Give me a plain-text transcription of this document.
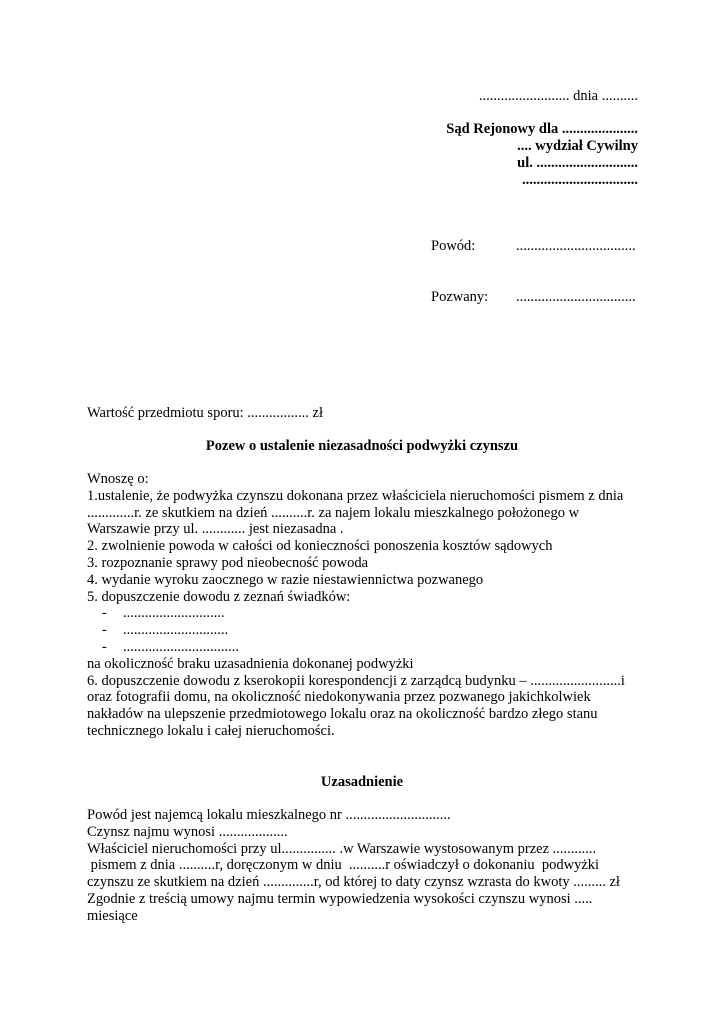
......................... dnia ..........
Sąd Rejonowy dla .....................
.... wydział Cywilny
ul. ............................
................................
Powód:	.................................
Pozwany: .................................
Wartość przedmiotu sporu: ................. zł
Pozew o ustalenie niezasadności podwyżki czynszu
Wnoszę o:
1.ustalenie, że podwyżka czynszu dokonana przez właściciela nieruchomości pismem z dnia
.............r. ze skutkiem na dzień ..........r. za najem lokalu mieszkalnego położonego w
Warszawie przy ul. ............ jest niezasadna .
2. zwolnienie powoda w całości od konieczności ponoszenia kosztów sądowych
3. rozpoznanie sprawy pod nieobecność powoda
4. wydanie wyroku zaocznego w razie niestawiennictwa pozwanego
5. dopuszczenie dowodu z zeznań świadków:
- ............................
- .............................
- ................................
na okoliczność braku uzasadnienia dokonanej podwyżki
6. dopuszczenie dowodu z kserokopii korespondencji z zarządcą budynku – .........................i
oraz fotografii domu, na okoliczność niedokonywania przez pozwanego jakichkolwiek
nakładów na ulepszenie przedmiotowego lokalu oraz na okoliczność bardzo złego stanu
technicznego lokalu i całej nieruchomości.
Uzasadnienie
Powód jest najemcą lokalu mieszkalnego nr .............................
Czynsz najmu wynosi ...................
Właściciel nieruchomości przy ul............... .w Warszawie wystosowanym przez ............
pismem z dnia ..........r, doręczonym w dniu  ..........r oświadczył o dokonaniu  podwyżki
czynszu ze skutkiem na dzień ..............r, od której to daty czynsz wzrasta do kwoty ......... zł
Zgodnie z treścią umowy najmu termin wypowiedzenia wysokości czynszu wynosi .....
miesiące
